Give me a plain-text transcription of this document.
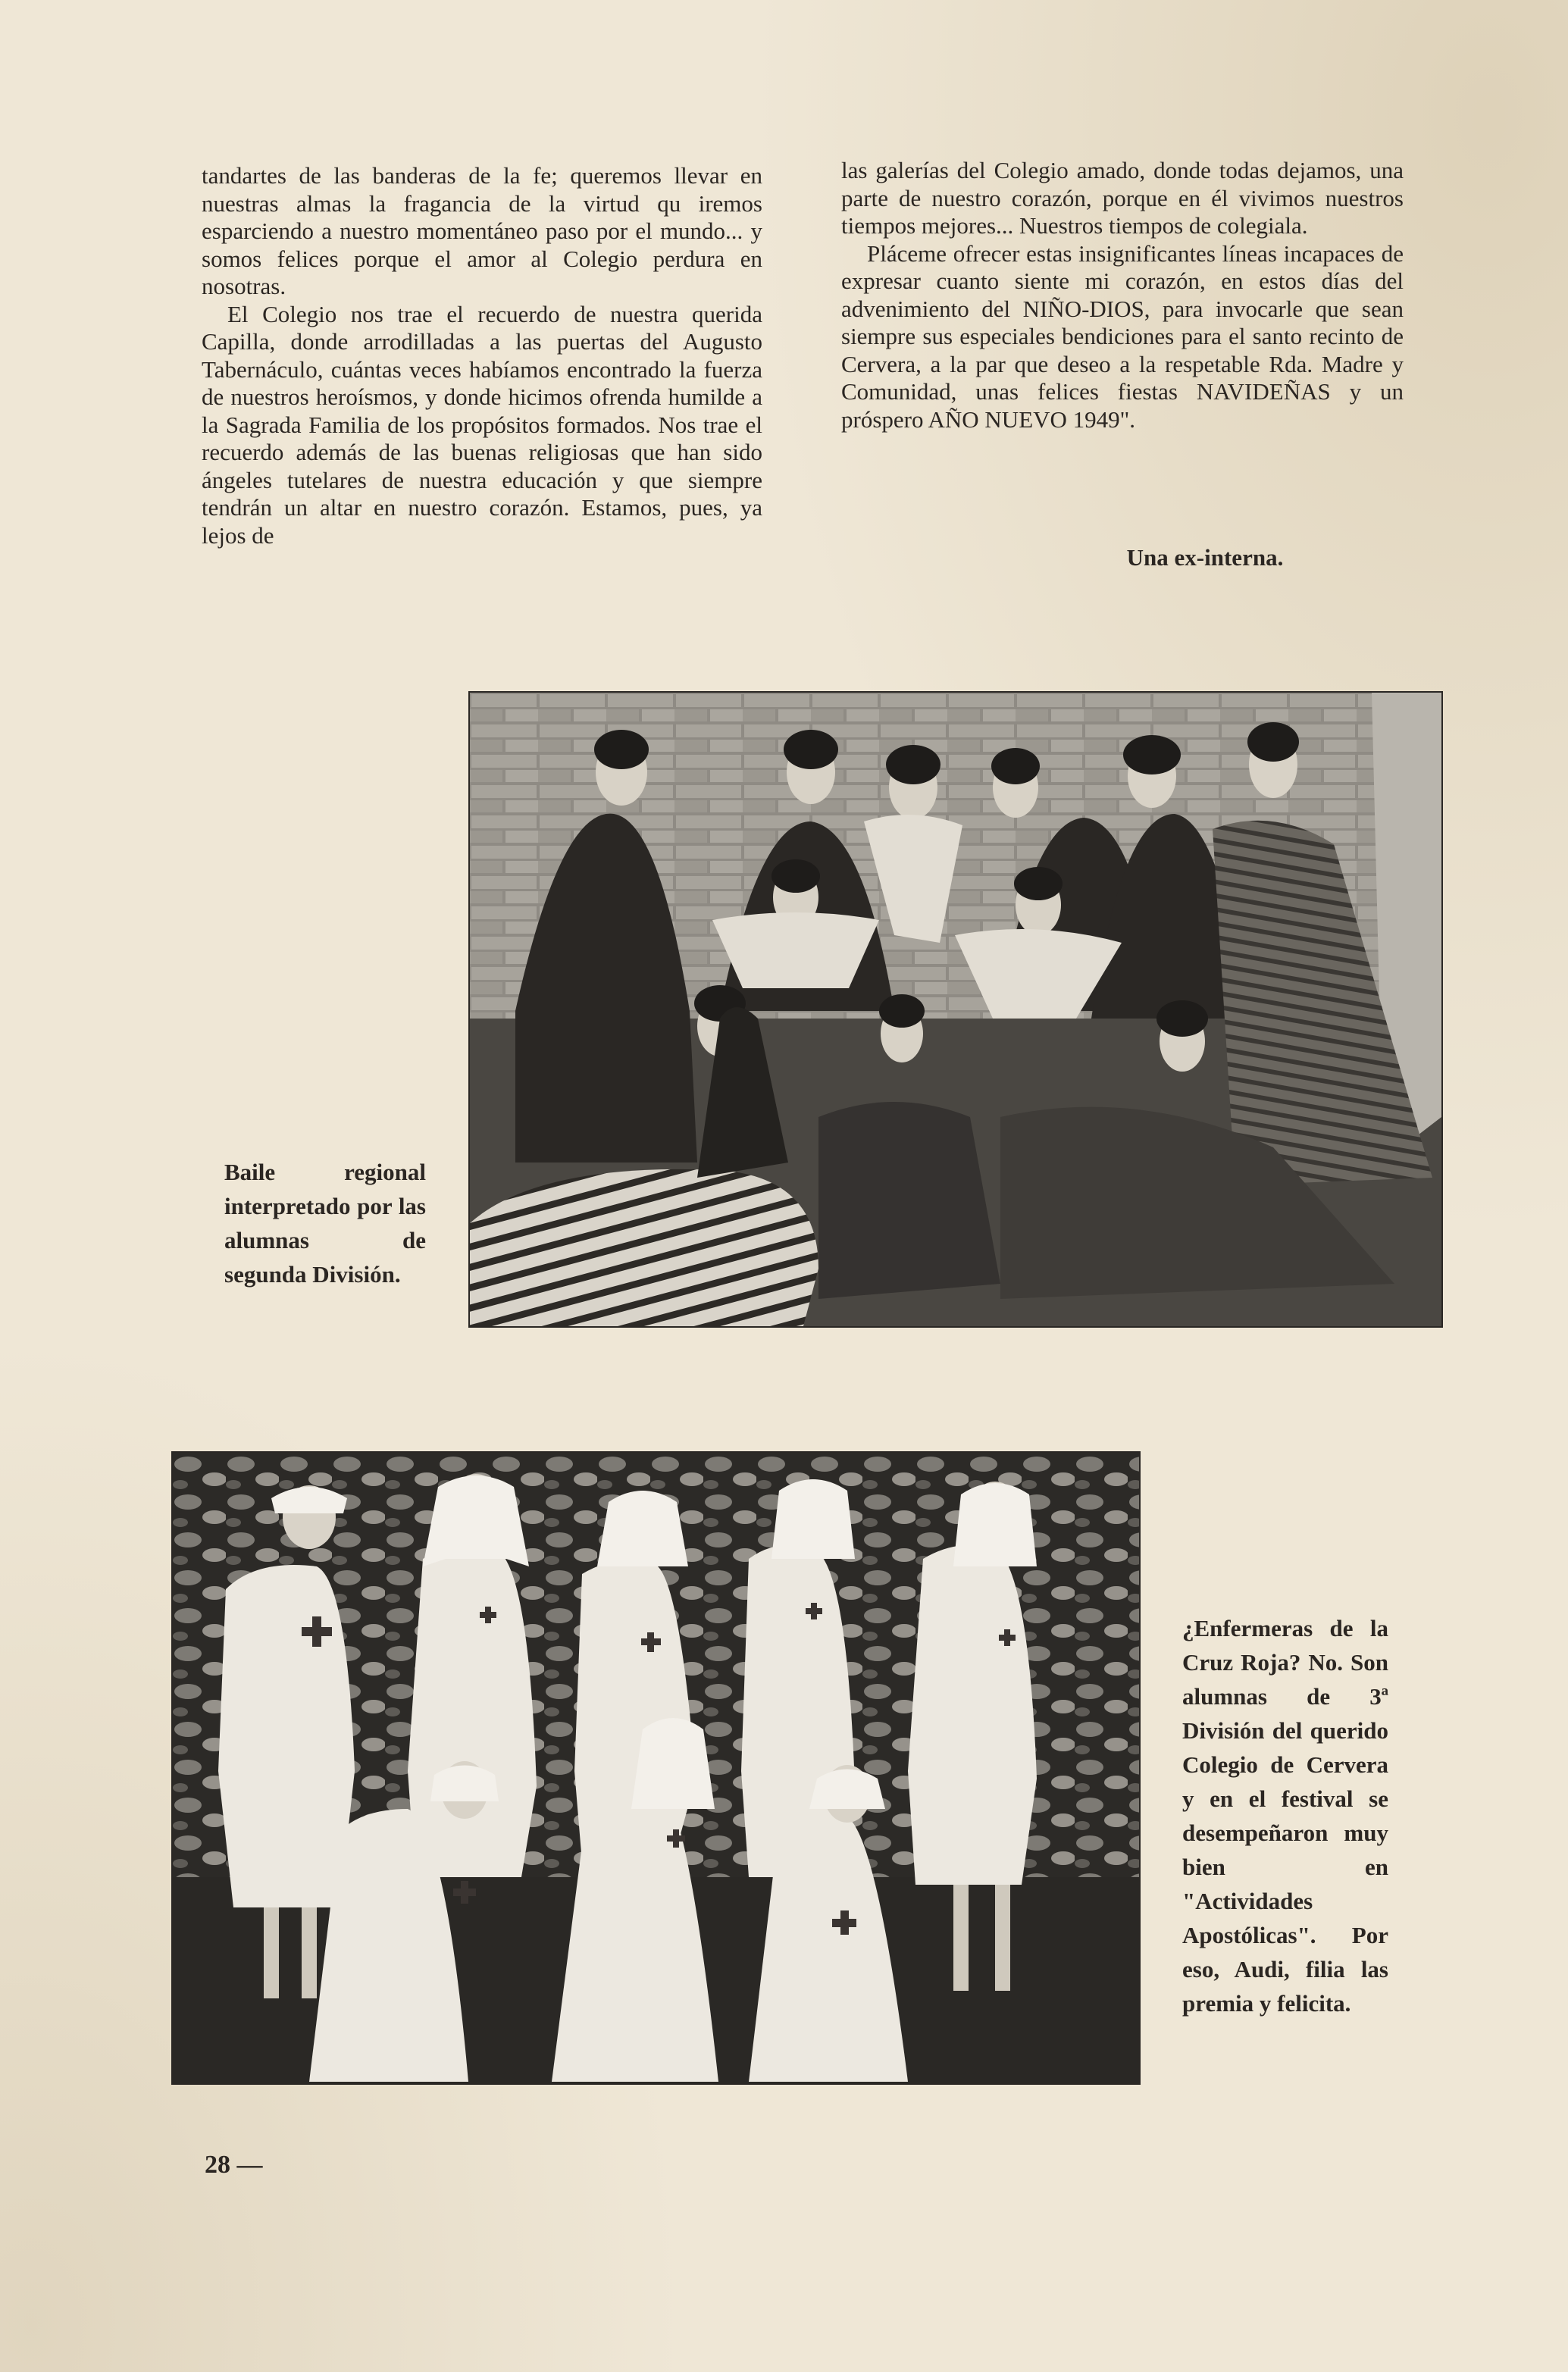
tandartes de las banderas de la fe; queremos llevar en nuestras almas la fragancia de la virtud qu iremos esparciendo a nuestro momentáneo paso por el mundo... y somos felices porque el amor al Colegio perdura en nosotras.

El Colegio nos trae el recuerdo de nuestra querida Capilla, donde arrodilladas a las puertas del Augusto Tabernáculo, cuántas veces habíamos encontrado la fuerza de nuestros heroísmos, y donde hicimos ofrenda humilde a la Sagrada Familia de los propósitos formados. Nos trae el recuerdo además de las buenas religiosas que han sido ángeles tutelares de nuestra educación y que siempre tendrán un altar en nuestro corazón. Estamos, pues, ya lejos de

las galerías del Colegio amado, donde todas dejamos, una parte de nuestro corazón, porque en él vivimos nuestros tiempos mejores... Nuestros tiempos de colegiala.

Pláceme ofrecer estas insignificantes líneas incapaces de expresar cuanto siente mi corazón, en estos días del advenimiento del NIÑO-DIOS, para invocarle que sean siempre sus especiales bendiciones para el santo recinto de Cervera, a la par que deseo a la respetable Rda. Madre y Comunidad, unas felices fiestas NAVIDEÑAS y un próspero AÑO NUEVO 1949".

Una ex-interna.
Baile regional interpretado por las alumnas de segunda División.
¿Enfermeras de la Cruz Roja? No. Son alumnas de 3ª División del querido Colegio de Cervera y en el festival se desempeñaron muy bien en "Actividades Apostólicas". Por eso, Audi, filia las premia y felicita.
28 —
